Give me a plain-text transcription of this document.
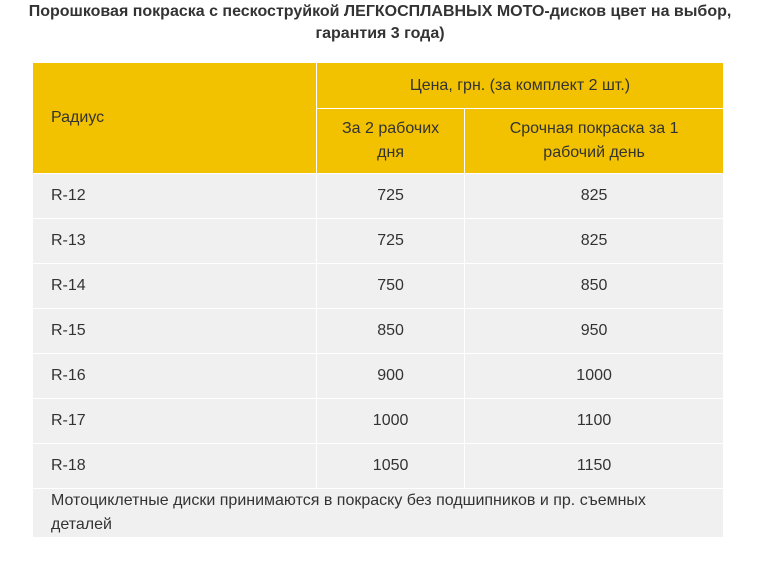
Порошковая покраска с пескоструйкой ЛЕГКОСПЛАВНЫХ МОТО-дисков цвет на выбор,
гарантия 3 года)
Радиус	Цена, грн. (за комплект 2 шт.)	
	За 2 рабочих дня	Срочная покраска за 1 рабочий день
R-12	725	825
R-13	725	825
R-14	750	850
R-15	850	950
R-16	900	1000
R-17	1000	1100
R-18	1050	1150
Мотоциклетные диски принимаются в покраску без подшипников и пр. съемных деталей		
